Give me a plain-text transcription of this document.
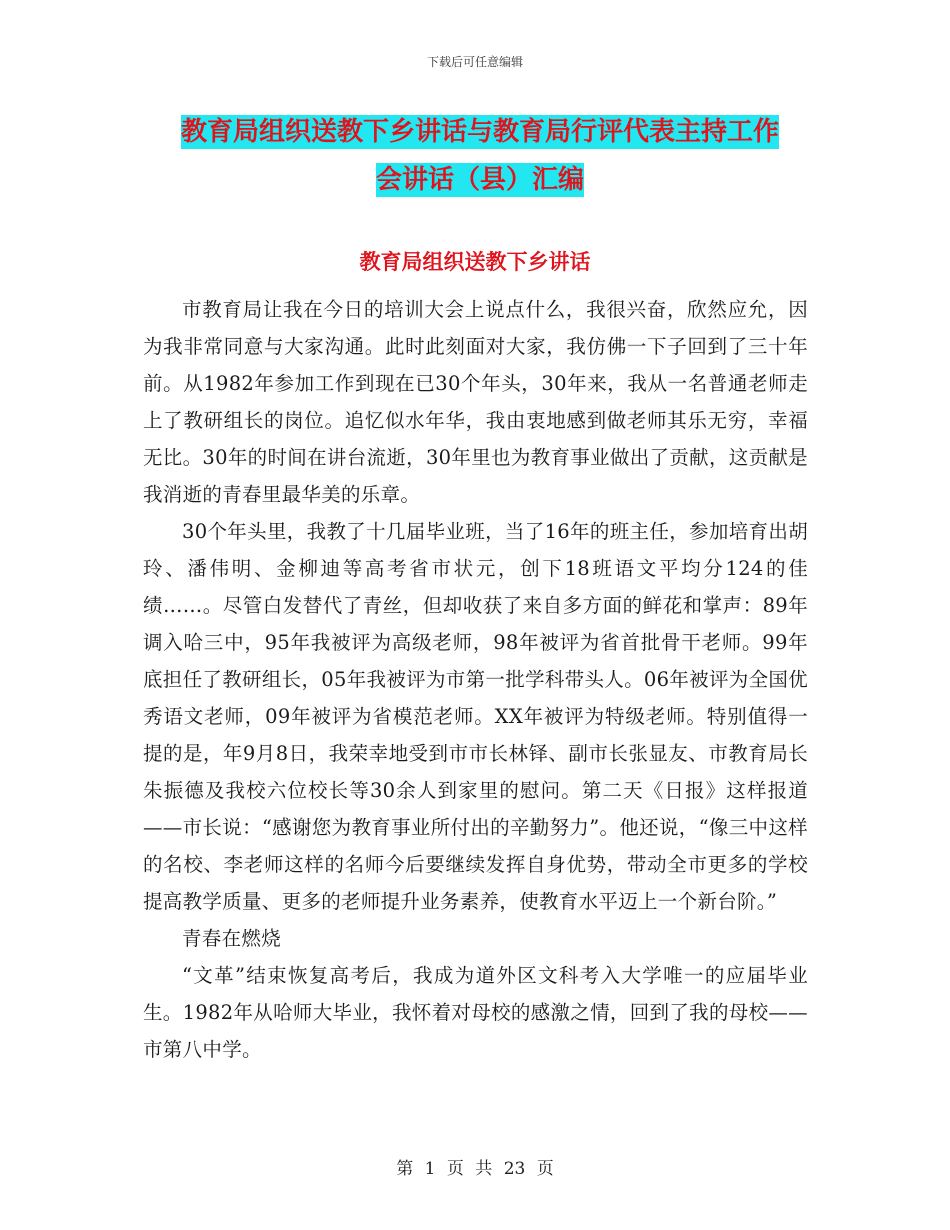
下载后可任意编辑
教育局组织送教下乡讲话与教育局行评代表主持工作
会讲话（县）汇编
教育局组织送教下乡讲话

市教育局让我在今日的培训大会上说点什么，我很兴奋，欣然应允，因为我非常同意与大家沟通。此时此刻面对大家，我仿佛一下子回到了三十年前。从1982年参加工作到现在已30个年头，30年来，我从一名普通老师走上了教研组长的岗位。追忆似水年华，我由衷地感到做老师其乐无穷，幸福无比。30年的时间在讲台流逝，30年里也为教育事业做出了贡献，这贡献是我消逝的青春里最华美的乐章。

30个年头里，我教了十几届毕业班，当了16年的班主任，参加培育出胡玲、潘伟明、金柳迪等高考省市状元，创下18班语文平均分124的佳绩……。尽管白发替代了青丝，但却收获了来自多方面的鲜花和掌声：89年调入哈三中，95年我被评为高级老师，98年被评为省首批骨干老师。99年底担任了教研组长，05年我被评为市第一批学科带头人。06年被评为全国优秀语文老师，09年被评为省模范老师。XX年被评为特级老师。特别值得一提的是，年9月8日，我荣幸地受到市市长林铎、副市长张显友、市教育局长朱振德及我校六位校长等30余人到家里的慰问。第二天《日报》这样报道——市长说：“感谢您为教育事业所付出的辛勤努力”。他还说，“像三中这样的名校、李老师这样的名师今后要继续发挥自身优势，带动全市更多的学校提高教学质量、更多的老师提升业务素养，使教育水平迈上一个新台阶。”

青春在燃烧

“文革”结束恢复高考后，我成为道外区文科考入大学唯一的应届毕业生。1982年从哈师大毕业，我怀着对母校的感激之情，回到了我的母校——市第八中学。

第 1 页 共 23 页
